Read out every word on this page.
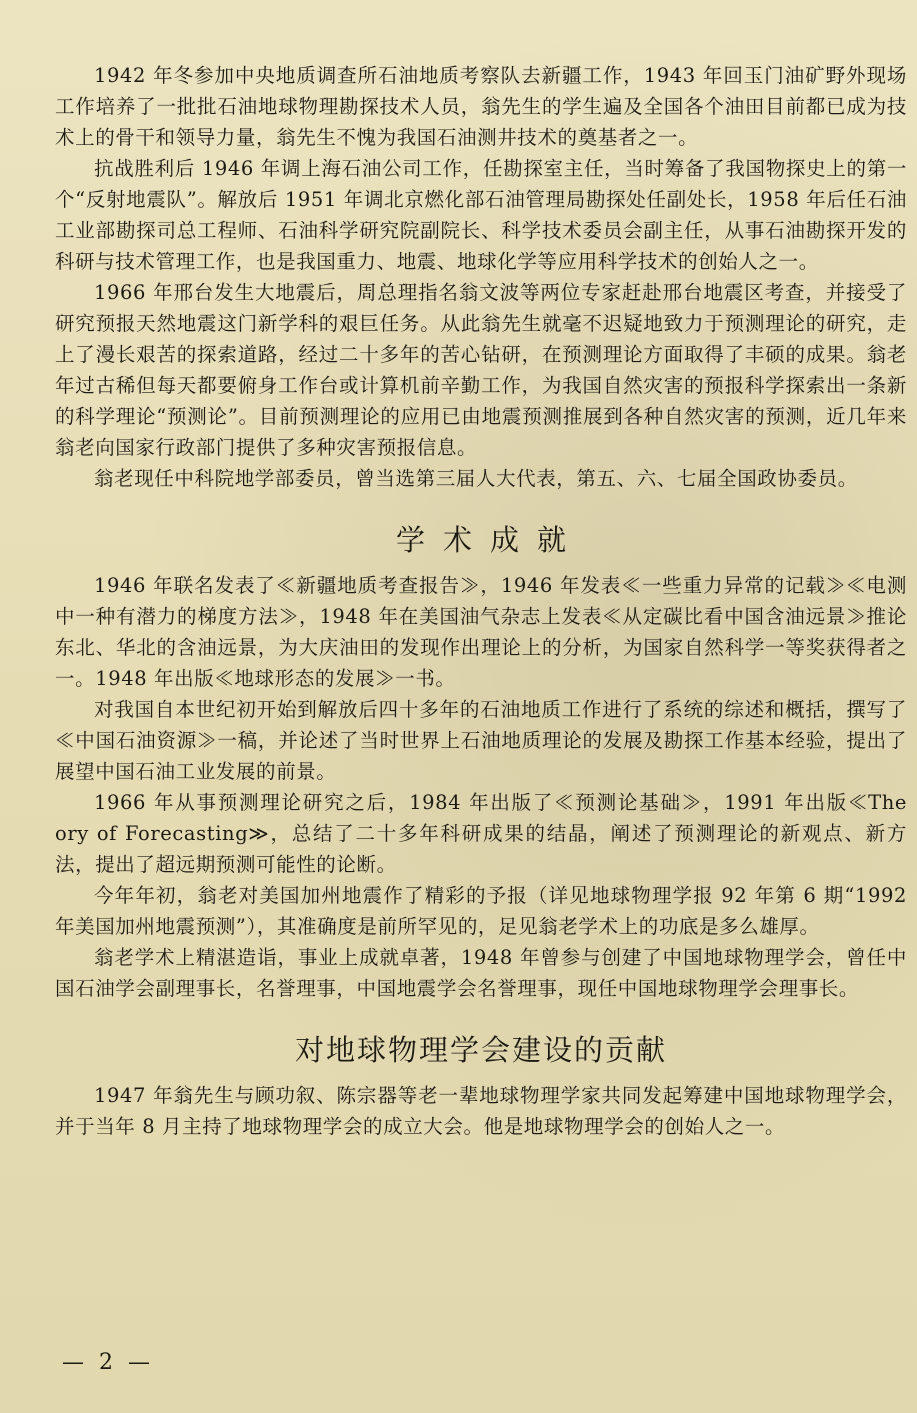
1942 年冬参加中央地质调查所石油地质考察队去新疆工作，1943 年回玉门油矿野外现场工作培养了一批批石油地球物理勘探技术人员，翁先生的学生遍及全国各个油田目前都已成为技术上的骨干和领导力量，翁先生不愧为我国石油测井技术的奠基者之一。

抗战胜利后 1946 年调上海石油公司工作，任勘探室主任，当时筹备了我国物探史上的第一个“反射地震队”。解放后 1951 年调北京燃化部石油管理局勘探处任副处长，1958 年后任石油工业部勘探司总工程师、石油科学研究院副院长、科学技术委员会副主任，从事石油勘探开发的科研与技术管理工作，也是我国重力、地震、地球化学等应用科学技术的创始人之一。

1966 年邢台发生大地震后，周总理指名翁文波等两位专家赶赴邢台地震区考查，并接受了研究预报天然地震这门新学科的艰巨任务。从此翁先生就毫不迟疑地致力于预测理论的研究，走上了漫长艰苦的探索道路，经过二十多年的苦心钻研，在预测理论方面取得了丰硕的成果。翁老年过古稀但每天都要俯身工作台或计算机前辛勤工作，为我国自然灾害的预报科学探索出一条新的科学理论“预测论”。目前预测理论的应用已由地震预测推展到各种自然灾害的预测，近几年来翁老向国家行政部门提供了多种灾害预报信息。

翁老现任中科院地学部委员，曾当选第三届人大代表，第五、六、七届全国政协委员。

学术成就

1946 年联名发表了≪新疆地质考查报告≫，1946 年发表≪一些重力异常的记载≫≪电测中一种有潜力的梯度方法≫，1948 年在美国油气杂志上发表≪从定碳比看中国含油远景≫推论东北、华北的含油远景，为大庆油田的发现作出理论上的分析，为国家自然科学一等奖获得者之一。1948 年出版≪地球形态的发展≫一书。

对我国自本世纪初开始到解放后四十多年的石油地质工作进行了系统的综述和概括，撰写了≪中国石油资源≫一稿，并论述了当时世界上石油地质理论的发展及勘探工作基本经验，提出了展望中国石油工业发展的前景。

1966 年从事预测理论研究之后，1984 年出版了≪预测论基础≫，1991 年出版≪The ory of Forecasting≫，总结了二十多年科研成果的结晶，阐述了预测理论的新观点、新方法，提出了超远期预测可能性的论断。

今年年初，翁老对美国加州地震作了精彩的予报（详见地球物理学报 92 年第 6 期“1992 年美国加州地震预测”），其准确度是前所罕见的，足见翁老学术上的功底是多么雄厚。

翁老学术上精湛造诣，事业上成就卓著，1948 年曾参与创建了中国地球物理学会，曾任中国石油学会副理事长，名誉理事，中国地震学会名誉理事，现任中国地球物理学会理事长。

对地球物理学会建设的贡献

1947 年翁先生与顾功叙、陈宗器等老一辈地球物理学家共同发起筹建中国地球物理学会，并于当年 8 月主持了地球物理学会的成立大会。他是地球物理学会的创始人之一。

— 2 —
